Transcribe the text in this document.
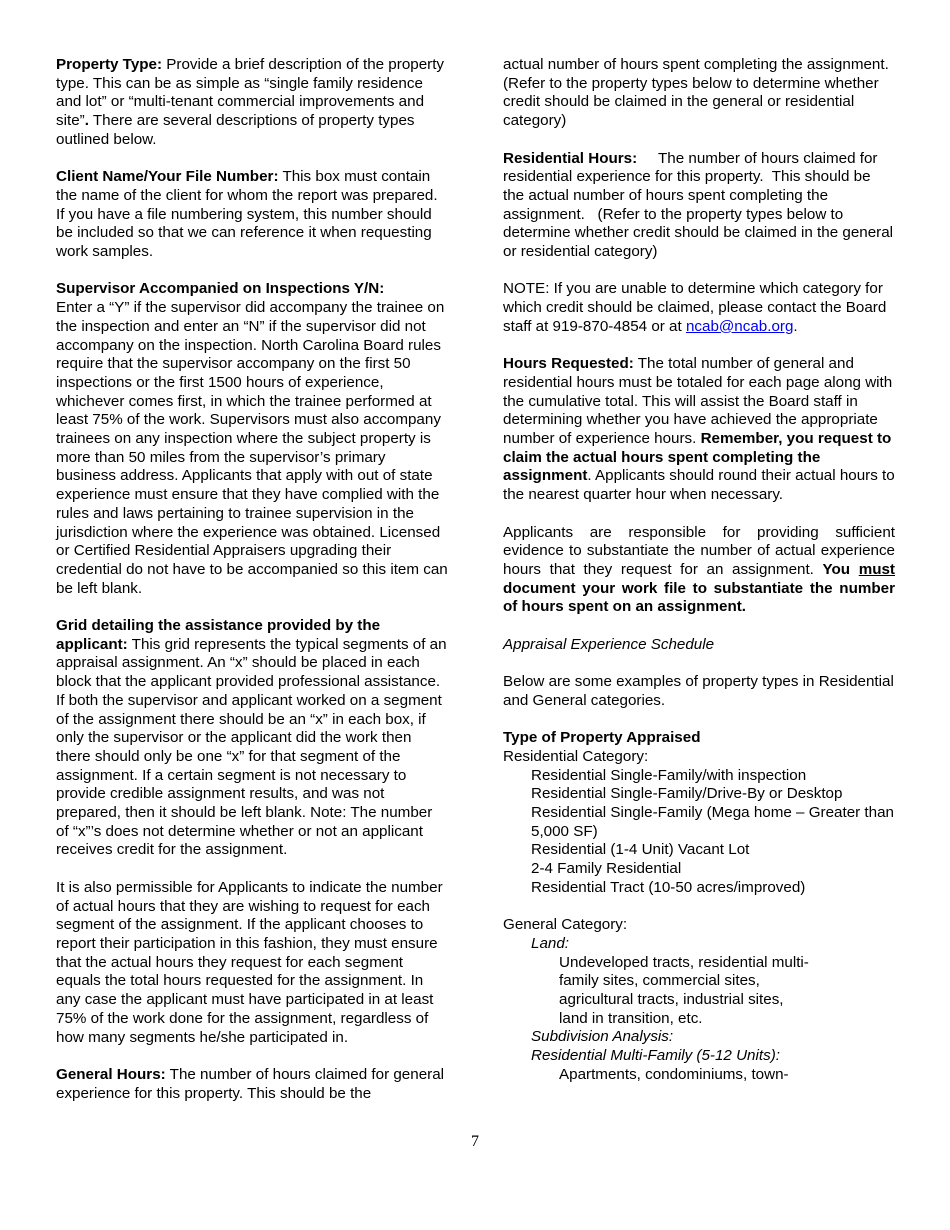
Property Type: Provide a brief description of the property type. This can be as simple as “single family residence and lot” or “multi-tenant commercial improvements and site”. There are several descriptions of property types outlined below.

Client Name/Your File Number: This box must contain the name of the client for whom the report was prepared. If you have a file numbering system, this number should be included so that we can reference it when requesting work samples.

Supervisor Accompanied on Inspections Y/N:
Enter a “Y” if the supervisor did accompany the trainee on the inspection and enter an “N” if the supervisor did not accompany on the inspection. North Carolina Board rules require that the supervisor accompany on the first 50 inspections or the first 1500 hours of experience, whichever comes first, in which the trainee performed at least 75% of the work. Supervisors must also accompany trainees on any inspection where the subject property is more than 50 miles from the supervisor’s primary business address. Applicants that apply with out of state experience must ensure that they have complied with the rules and laws pertaining to trainee supervision in the jurisdiction where the experience was obtained. Licensed or Certified Residential Appraisers upgrading their credential do not have to be accompanied so this item can be left blank.

Grid detailing the assistance provided by the applicant: This grid represents the typical segments of an appraisal assignment. An “x” should be placed in each block that the applicant provided professional assistance. If both the supervisor and applicant worked on a segment of the assignment there should be an “x” in each box, if only the supervisor or the applicant did the work then there should only be one “x” for that segment of the assignment. If a certain segment is not necessary to provide credible assignment results, and was not prepared, then it should be left blank. Note: The number of “x”’s does not determine whether or not an applicant receives credit for the assignment.

It is also permissible for Applicants to indicate the number of actual hours that they are wishing to request for each segment of the assignment. If the applicant chooses to report their participation in this fashion, they must ensure that the actual hours they request for each segment equals the total hours requested for the assignment. In any case the applicant must have participated in at least 75% of the work done for the assignment, regardless of how many segments he/she participated in.

General Hours: The number of hours claimed for general experience for this property. This should be the

actual number of hours spent completing the assignment. (Refer to the property types below to determine whether credit should be claimed in the general or residential category)

Residential Hours:     The number of hours claimed for residential experience for this property.  This should be the actual number of hours spent completing the assignment.   (Refer to the property types below to determine whether credit should be claimed in the general or residential category)

NOTE: If you are unable to determine which category for which credit should be claimed, please contact the Board staff at 919-870-4854 or at ncab@ncab.org.

Hours Requested: The total number of general and residential hours must be totaled for each page along with the cumulative total. This will assist the Board staff in determining whether you have achieved the appropriate number of experience hours. Remember, you request to claim the actual hours spent completing the assignment. Applicants should round their actual hours to the nearest quarter hour when necessary.

Applicants are responsible for providing sufficient evidence to substantiate the number of actual experience hours that they request for an assignment. You must document your work file to substantiate the number of hours spent on an assignment.

Appraisal Experience Schedule

Below are some examples of property types in Residential and General categories.

Type of Property Appraised
Residential Category:
Residential Single-Family/with inspection
Residential Single-Family/Drive-By or Desktop
Residential Single-Family (Mega home – Greater than 5,000 SF)
Residential (1-4 Unit) Vacant Lot
2-4 Family Residential
Residential Tract (10-50 acres/improved)
General Category:
Land:
Undeveloped tracts, residential multi-family sites, commercial sites, agricultural tracts, industrial sites, land in transition, etc.
Subdivision Analysis:
Residential Multi-Family (5-12 Units):
Apartments, condominiums, town-
7
